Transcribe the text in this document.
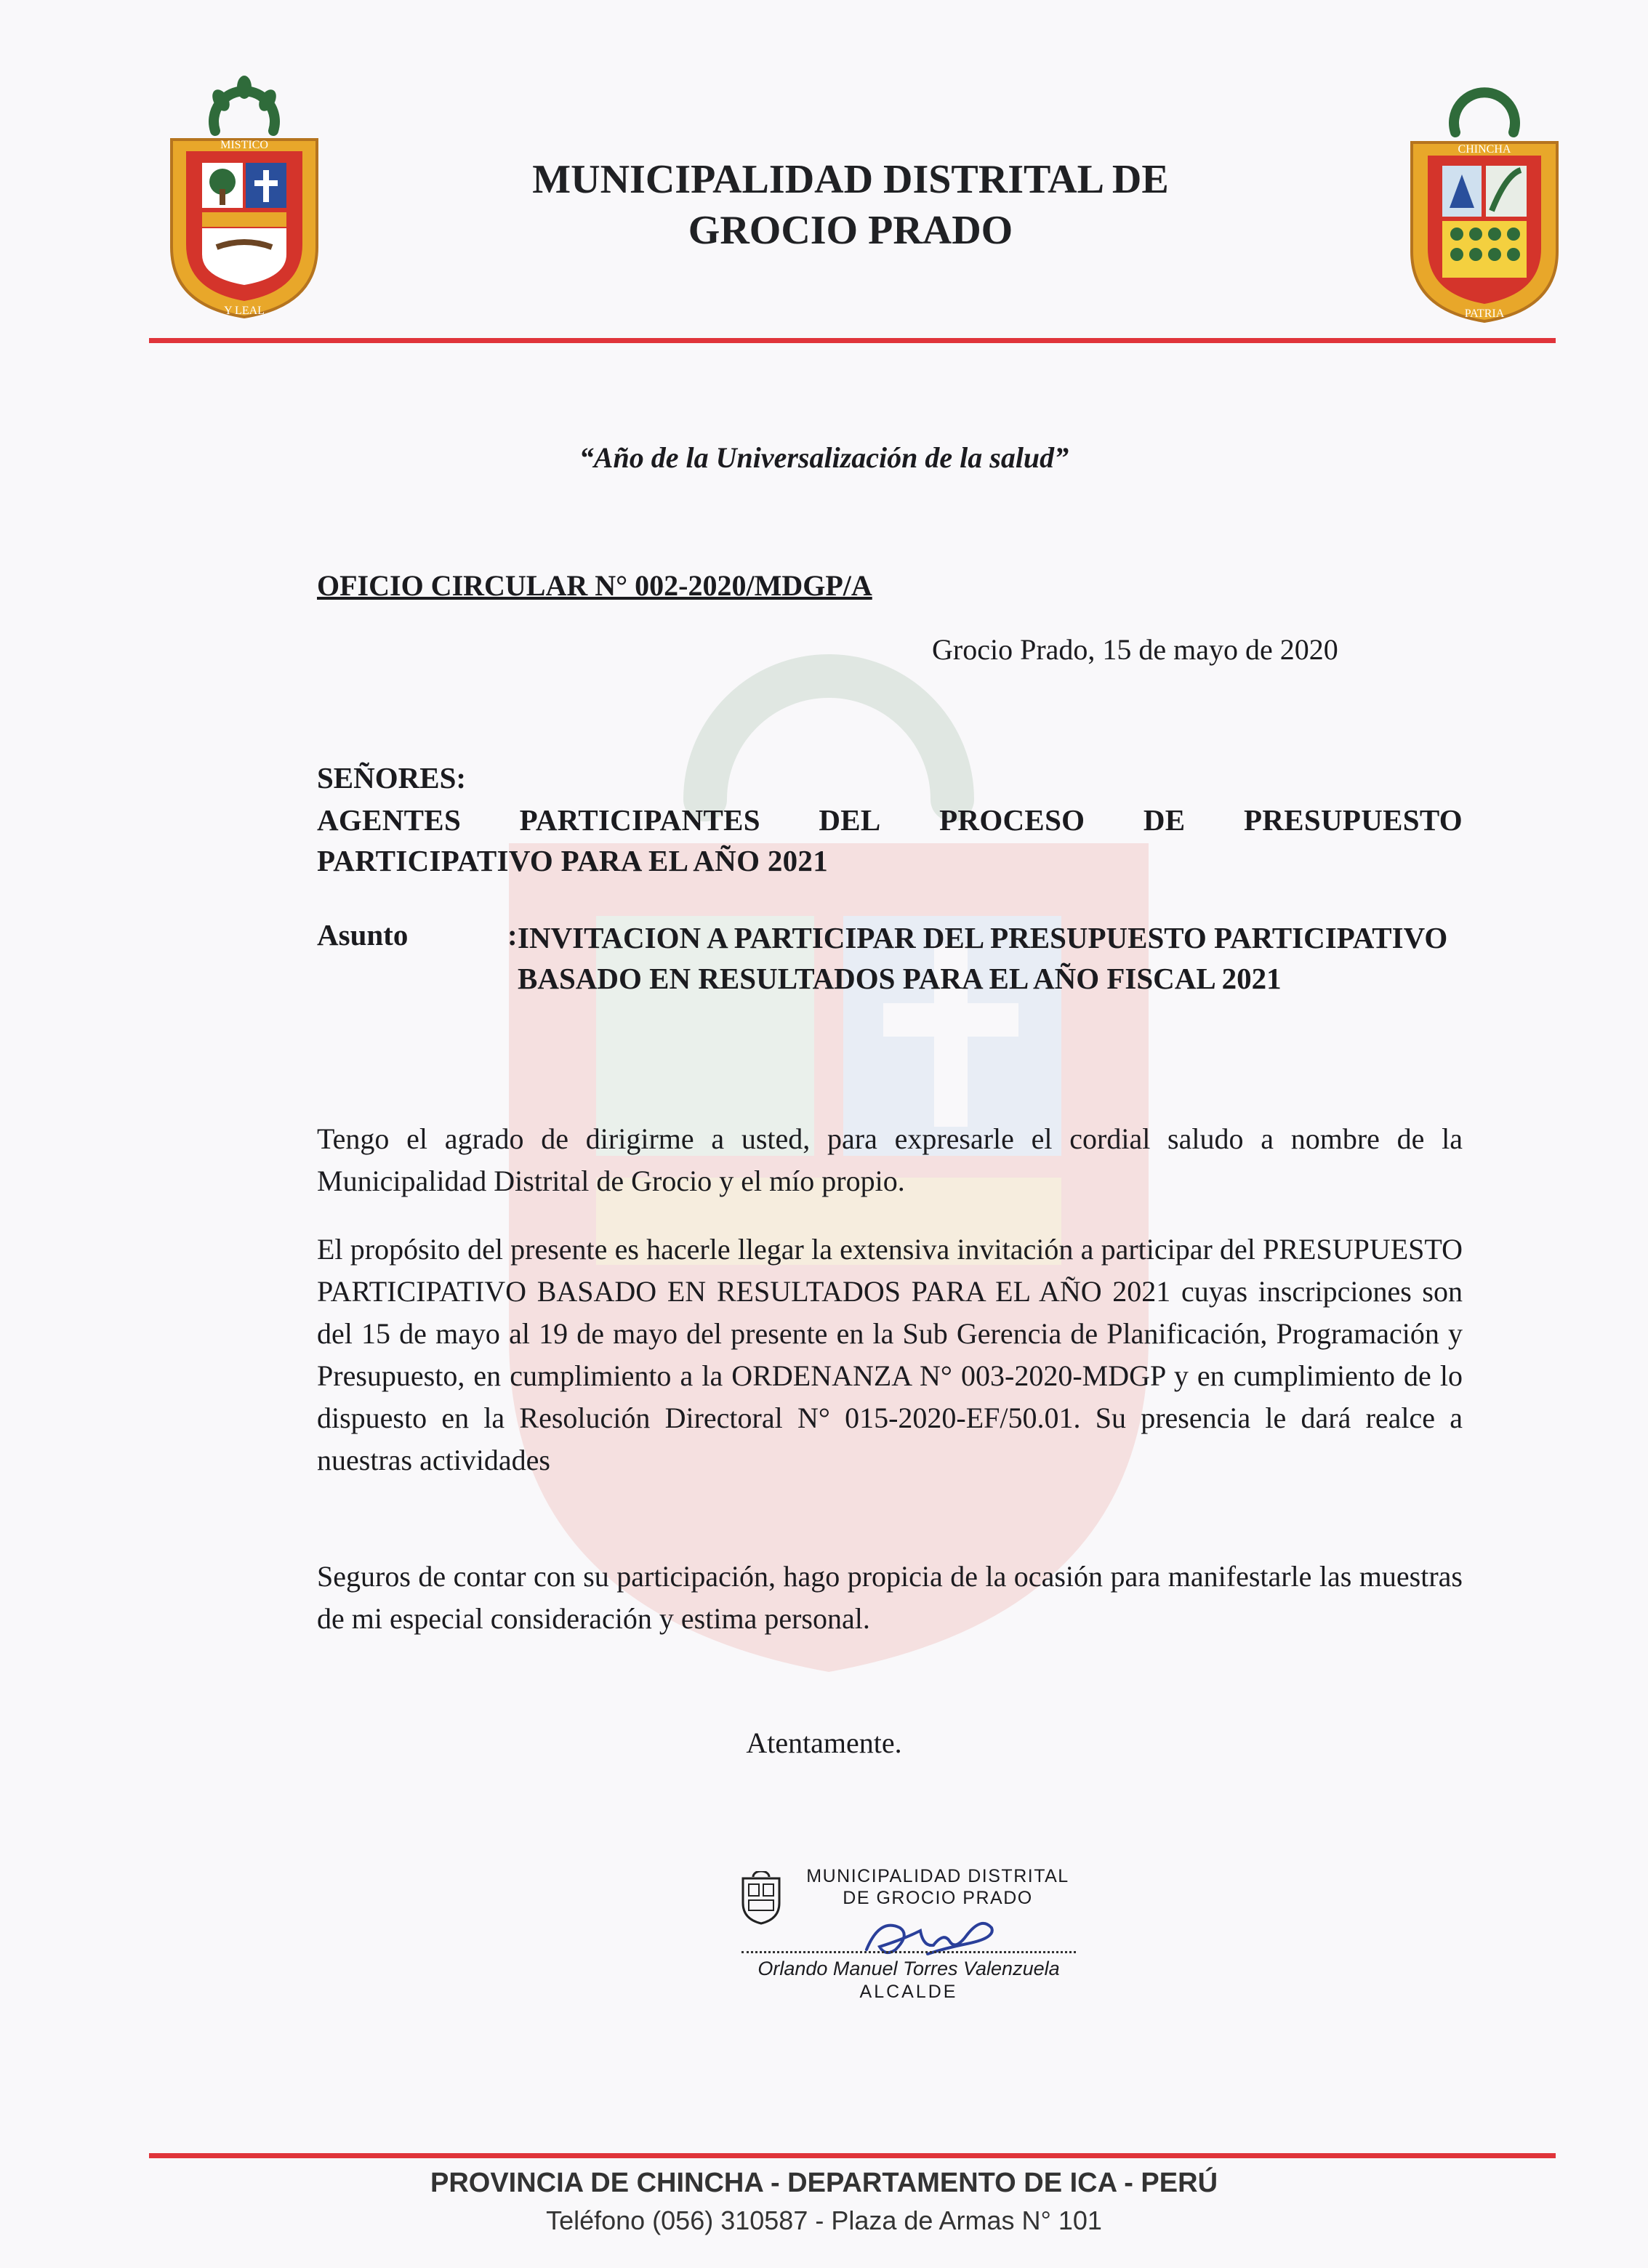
MISTICO
Y LEAL
CHINCHA
PATRIA
MUNICIPALIDAD DISTRITAL DE
GROCIO PRADO
“Año de la Universalización de la salud”
OFICIO CIRCULAR N° 002-2020/MDGP/A
Grocio Prado, 15 de mayo de 2020
SEÑORES:
AGENTES PARTICIPANTES DEL PROCESO DE PRESUPUESTO
PARTICIPATIVO PARA EL AÑO 2021
Asunto	: INVITACION A PARTICIPAR DEL PRESUPUESTO PARTICIPATIVO BASADO EN RESULTADOS PARA EL AÑO FISCAL 2021
Tengo el agrado de dirigirme a usted, para expresarle el cordial saludo a nombre de la Municipalidad Distrital de Grocio y el mío propio.
El propósito del presente es hacerle llegar la extensiva invitación a participar del PRESUPUESTO PARTICIPATIVO BASADO EN RESULTADOS PARA EL AÑO 2021 cuyas inscripciones son del 15 de mayo al 19 de mayo del presente en la Sub Gerencia de Planificación, Programación y Presupuesto, en cumplimiento a la ORDENANZA N° 003-2020-MDGP y en cumplimiento de lo dispuesto en la Resolución Directoral N° 015-2020-EF/50.01. Su presencia le dará realce a nuestras actividades
Seguros de contar con su participación, hago propicia de la ocasión para manifestarle las muestras de mi especial consideración y estima personal.
Atentamente.
MUNICIPALIDAD DISTRITAL
DE GROCIO PRADO
Orlando Manuel Torres Valenzuela
ALCALDE
PROVINCIA DE CHINCHA - DEPARTAMENTO DE ICA - PERÚ
Teléfono (056) 310587 - Plaza de Armas N° 101
